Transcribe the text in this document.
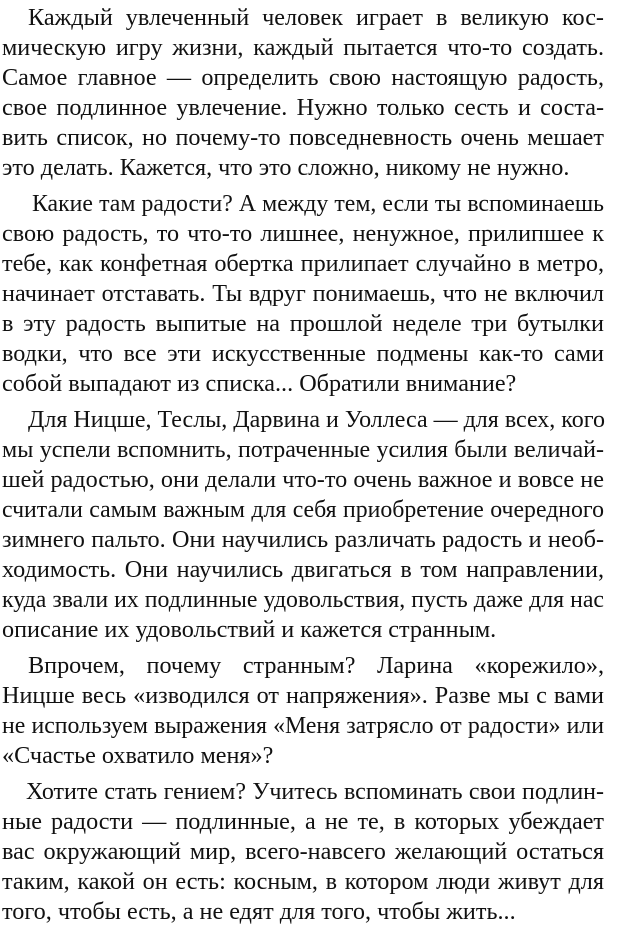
Каждый увлеченный человек играет в великую кос-
мическую игру жизни, каждый пытается что-то создать.
Самое главное — определить свою настоящую радость,
свое подлинное увлечение. Нужно только сесть и соста-
вить список, но почему-то повседневность очень мешает
это делать. Кажется, что это сложно, никому не нужно.
Какие там радости? А между тем, если ты вспоминаешь
свою радость, то что-то лишнее, ненужное, прилипшее к
тебе, как конфетная обертка прилипает случайно в метро,
начинает отставать. Ты вдруг понимаешь, что не включил
в эту радость выпитые на прошлой неделе три бутылки
водки, что все эти искусственные подмены как-то сами
собой выпадают из списка... Обратили внимание?
Для Ницше, Теслы, Дарвина и Уоллеса — для всех, кого
мы успели вспомнить, потраченные усилия были величай-
шей радостью, они делали что-то очень важное и вовсе не
считали самым важным для себя приобретение очередного
зимнего пальто. Они научились различать радость и необ-
ходимость. Они научились двигаться в том направлении,
куда звали их подлинные удовольствия, пусть даже для нас
описание их удовольствий и кажется странным.
Впрочем, почему странным? Ларина «корежило»,
Ницше весь «изводился от напряжения». Разве мы с вами
не используем выражения «Меня затрясло от радости» или
«Счастье охватило меня»?
Хотите стать гением? Учитесь вспоминать свои подлин-
ные радости — подлинные, а не те, в которых убеждает
вас окружающий мир, всего-навсего желающий остаться
таким, какой он есть: косным, в котором люди живут для
того, чтобы есть, а не едят для того, чтобы жить...
